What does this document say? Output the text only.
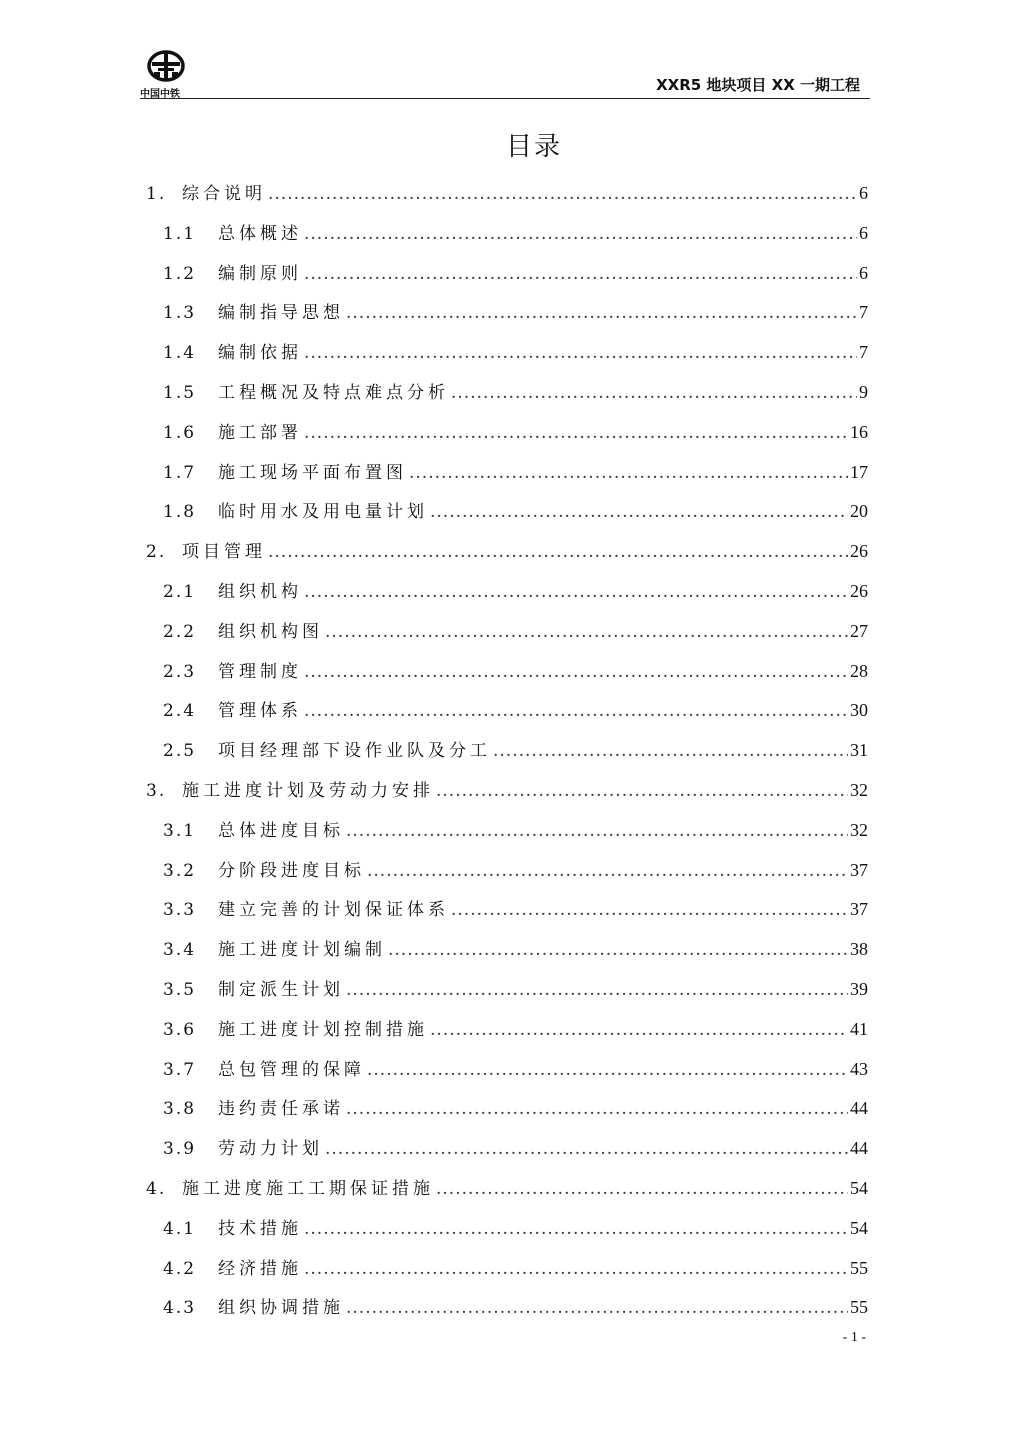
中国中铁
XXR5 地块项目 XX 一期工程
目录
1. 综合说明 .....	6
1.1	总体概述 .....	6
1.2	编制原则 .....	6
1.3	编制指导思想 .....	7
1.4	编制依据 .....	7
1.5	工程概况及特点难点分析 .....	9
1.6	施工部署 .....	16
1.7	施工现场平面布置图 .....	17
1.8	临时用水及用电量计划 .....	20
2. 项目管理 .....	26
2.1	组织机构 .....	26
2.2	组织机构图 .....	27
2.3	管理制度 .....	28
2.4	管理体系 .....	30
2.5	项目经理部下设作业队及分工 .....	31
3. 施工进度计划及劳动力安排 .....	32
3.1	总体进度目标 .....	32
3.2	分阶段进度目标 .....	37
3.3	建立完善的计划保证体系 .....	37
3.4	施工进度计划编制 .....	38
3.5	制定派生计划 .....	39
3.6	施工进度计划控制措施 .....	41
3.7	总包管理的保障 .....	43
3.8	违约责任承诺 .....	44
3.9	劳动力计划 .....	44
4. 施工进度施工工期保证措施 .....	54
4.1	技术措施 .....	54
4.2	经济措施 .....	55
4.3	组织协调措施 .....	55
- 1 -
